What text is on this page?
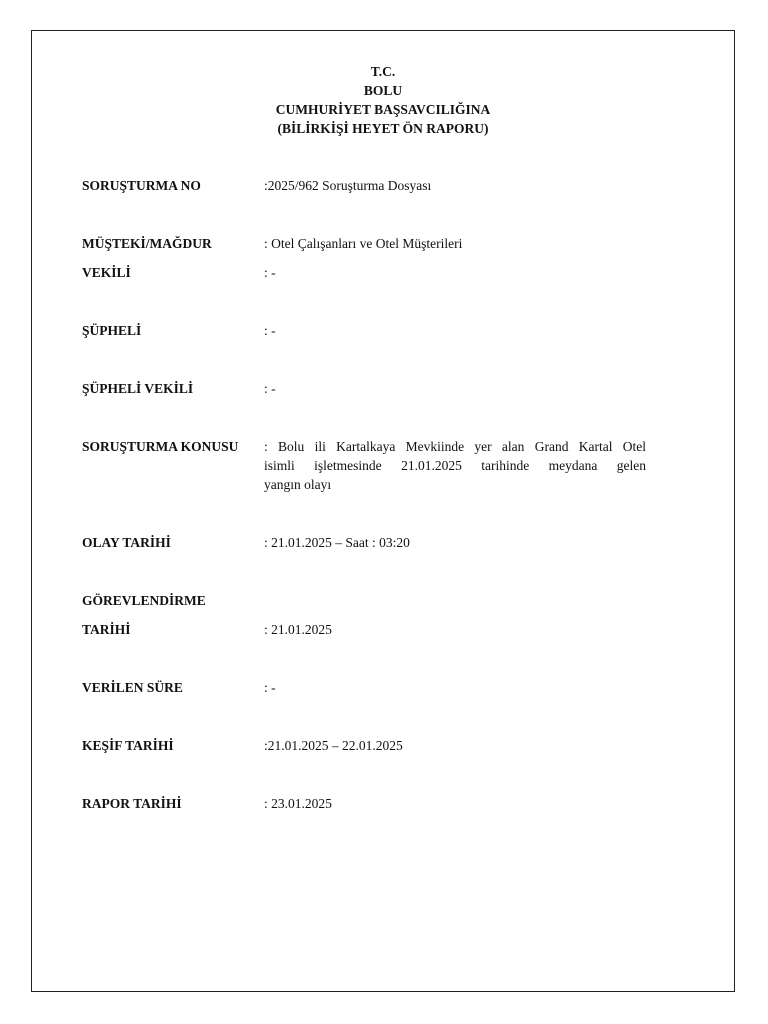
T.C.
BOLU
CUMHURİYET BAŞSAVCILIĞINA
(BİLİRKİŞİ HEYET ÖN RAPORU)
SORUŞTURMA NO	:2025/962 Soruşturma Dosyası
MÜŞTEKİ/MAĞDUR	: Otel Çalışanları ve Otel Müşterileri
VEKİLİ	: -
ŞÜPHELİ	: -
ŞÜPHELİ VEKİLİ	: -
SORUŞTURMA KONUSU : Bolu ili Kartalkaya Mevkiinde yer alan Grand Kartal Otel
isimli işletmesinde 21.01.2025 tarihinde meydana gelen
yangın olayı
OLAY TARİHİ	: 21.01.2025 – Saat : 03:20
GÖREVLENDİRME
TARİHİ	: 21.01.2025
VERİLEN SÜRE	: -
KEŞİF TARİHİ	:21.01.2025 – 22.01.2025
RAPOR TARİHİ	: 23.01.2025
